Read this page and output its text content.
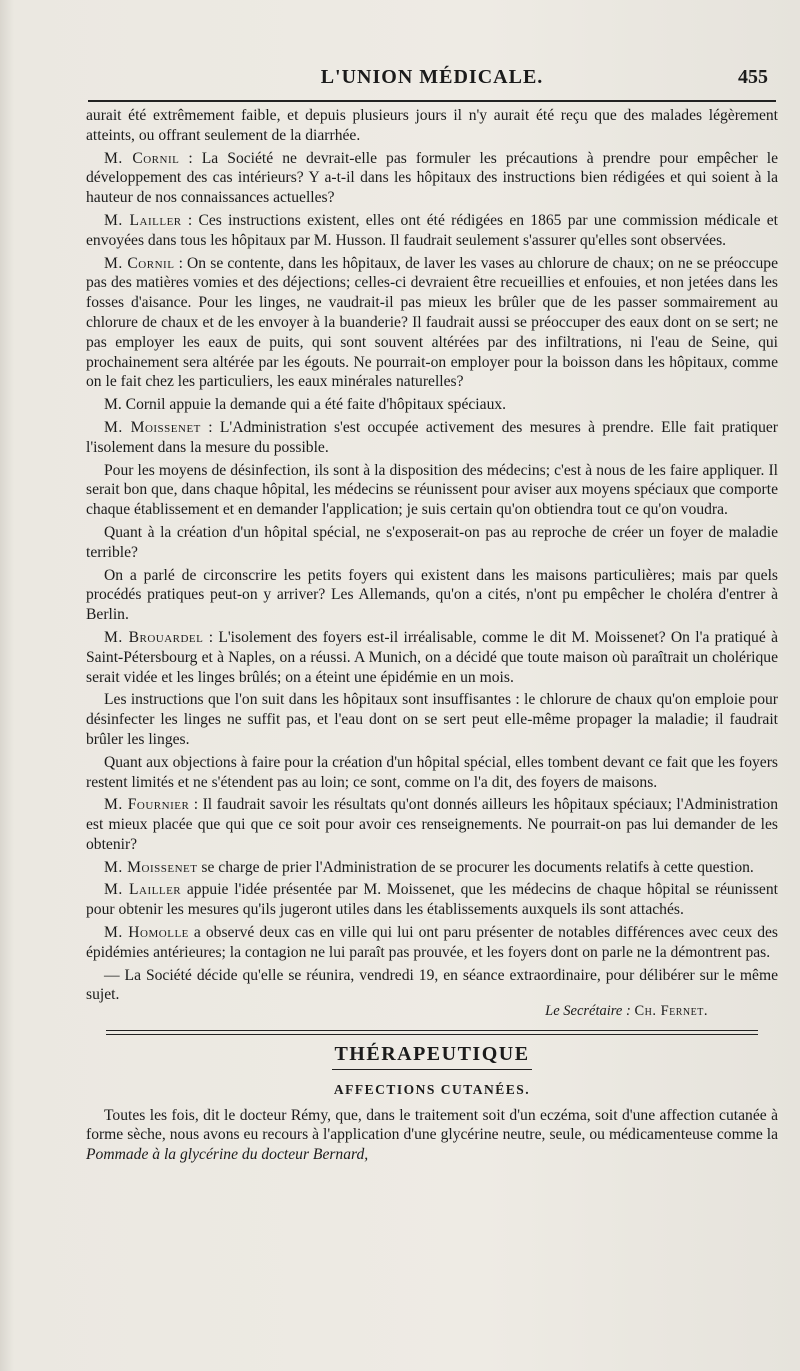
L'UNION MÉDICALE.	455

aurait été extrêmement faible, et depuis plusieurs jours il n'y aurait été reçu que des malades légèrement atteints, ou offrant seulement de la diarrhée.

M. Cornil : La Société ne devrait-elle pas formuler les précautions à prendre pour empêcher le développement des cas intérieurs? Y a-t-il dans les hôpitaux des instructions bien rédigées et qui soient à la hauteur de nos connaissances actuelles?

M. Lailler : Ces instructions existent, elles ont été rédigées en 1865 par une commission médicale et envoyées dans tous les hôpitaux par M. Husson. Il faudrait seulement s'assurer qu'elles sont observées.

M. Cornil : On se contente, dans les hôpitaux, de laver les vases au chlorure de chaux; on ne se préoccupe pas des matières vomies et des déjections; celles-ci devraient être recueillies et enfouies, et non jetées dans les fosses d'aisance. Pour les linges, ne vaudrait-il pas mieux les brûler que de les passer sommairement au chlorure de chaux et de les envoyer à la buanderie? Il faudrait aussi se préoccuper des eaux dont on se sert; ne pas employer les eaux de puits, qui sont souvent altérées par des infiltrations, ni l'eau de Seine, qui prochainement sera altérée par les égouts. Ne pourrait-on employer pour la boisson dans les hôpitaux, comme on le fait chez les particuliers, les eaux minérales naturelles?

M. Cornil appuie la demande qui a été faite d'hôpitaux spéciaux.

M. Moissenet : L'Administration s'est occupée activement des mesures à prendre. Elle fait pratiquer l'isolement dans la mesure du possible.

Pour les moyens de désinfection, ils sont à la disposition des médecins; c'est à nous de les faire appliquer. Il serait bon que, dans chaque hôpital, les médecins se réunissent pour aviser aux moyens spéciaux que comporte chaque établissement et en demander l'application; je suis certain qu'on obtiendra tout ce qu'on voudra.

Quant à la création d'un hôpital spécial, ne s'exposerait-on pas au reproche de créer un foyer de maladie terrible?

On a parlé de circonscrire les petits foyers qui existent dans les maisons particulières; mais par quels procédés pratiques peut-on y arriver? Les Allemands, qu'on a cités, n'ont pu empêcher le choléra d'entrer à Berlin.

M. Brouardel : L'isolement des foyers est-il irréalisable, comme le dit M. Moissenet? On l'a pratiqué à Saint-Pétersbourg et à Naples, on a réussi. A Munich, on a décidé que toute maison où paraîtrait un cholérique serait vidée et les linges brûlés; on a éteint une épidémie en un mois.

Les instructions que l'on suit dans les hôpitaux sont insuffisantes : le chlorure de chaux qu'on emploie pour désinfecter les linges ne suffit pas, et l'eau dont on se sert peut elle-même propager la maladie; il faudrait brûler les linges.

Quant aux objections à faire pour la création d'un hôpital spécial, elles tombent devant ce fait que les foyers restent limités et ne s'étendent pas au loin; ce sont, comme on l'a dit, des foyers de maisons.

M. Fournier : Il faudrait savoir les résultats qu'ont donnés ailleurs les hôpitaux spéciaux; l'Administration est mieux placée que qui que ce soit pour avoir ces renseignements. Ne pourrait-on pas lui demander de les obtenir?

M. Moissenet se charge de prier l'Administration de se procurer les documents relatifs à cette question.

M. Lailler appuie l'idée présentée par M. Moissenet, que les médecins de chaque hôpital se réunissent pour obtenir les mesures qu'ils jugeront utiles dans les établissements auxquels ils sont attachés.

M. Homolle a observé deux cas en ville qui lui ont paru présenter de notables différences avec ceux des épidémies antérieures; la contagion ne lui paraît pas prouvée, et les foyers dont on parle ne la démontrent pas.

— La Société décide qu'elle se réunira, vendredi 19, en séance extraordinaire, pour délibérer sur le même sujet.

Le Secrétaire : Ch. Fernet.
THÉRAPEUTIQUE
AFFECTIONS CUTANÉES.

Toutes les fois, dit le docteur Rémy, que, dans le traitement soit d'un eczéma, soit d'une affection cutanée à forme sèche, nous avons eu recours à l'application d'une glycérine neutre, seule, ou médicamenteuse comme la Pommade à la glycérine du docteur Bernard,
